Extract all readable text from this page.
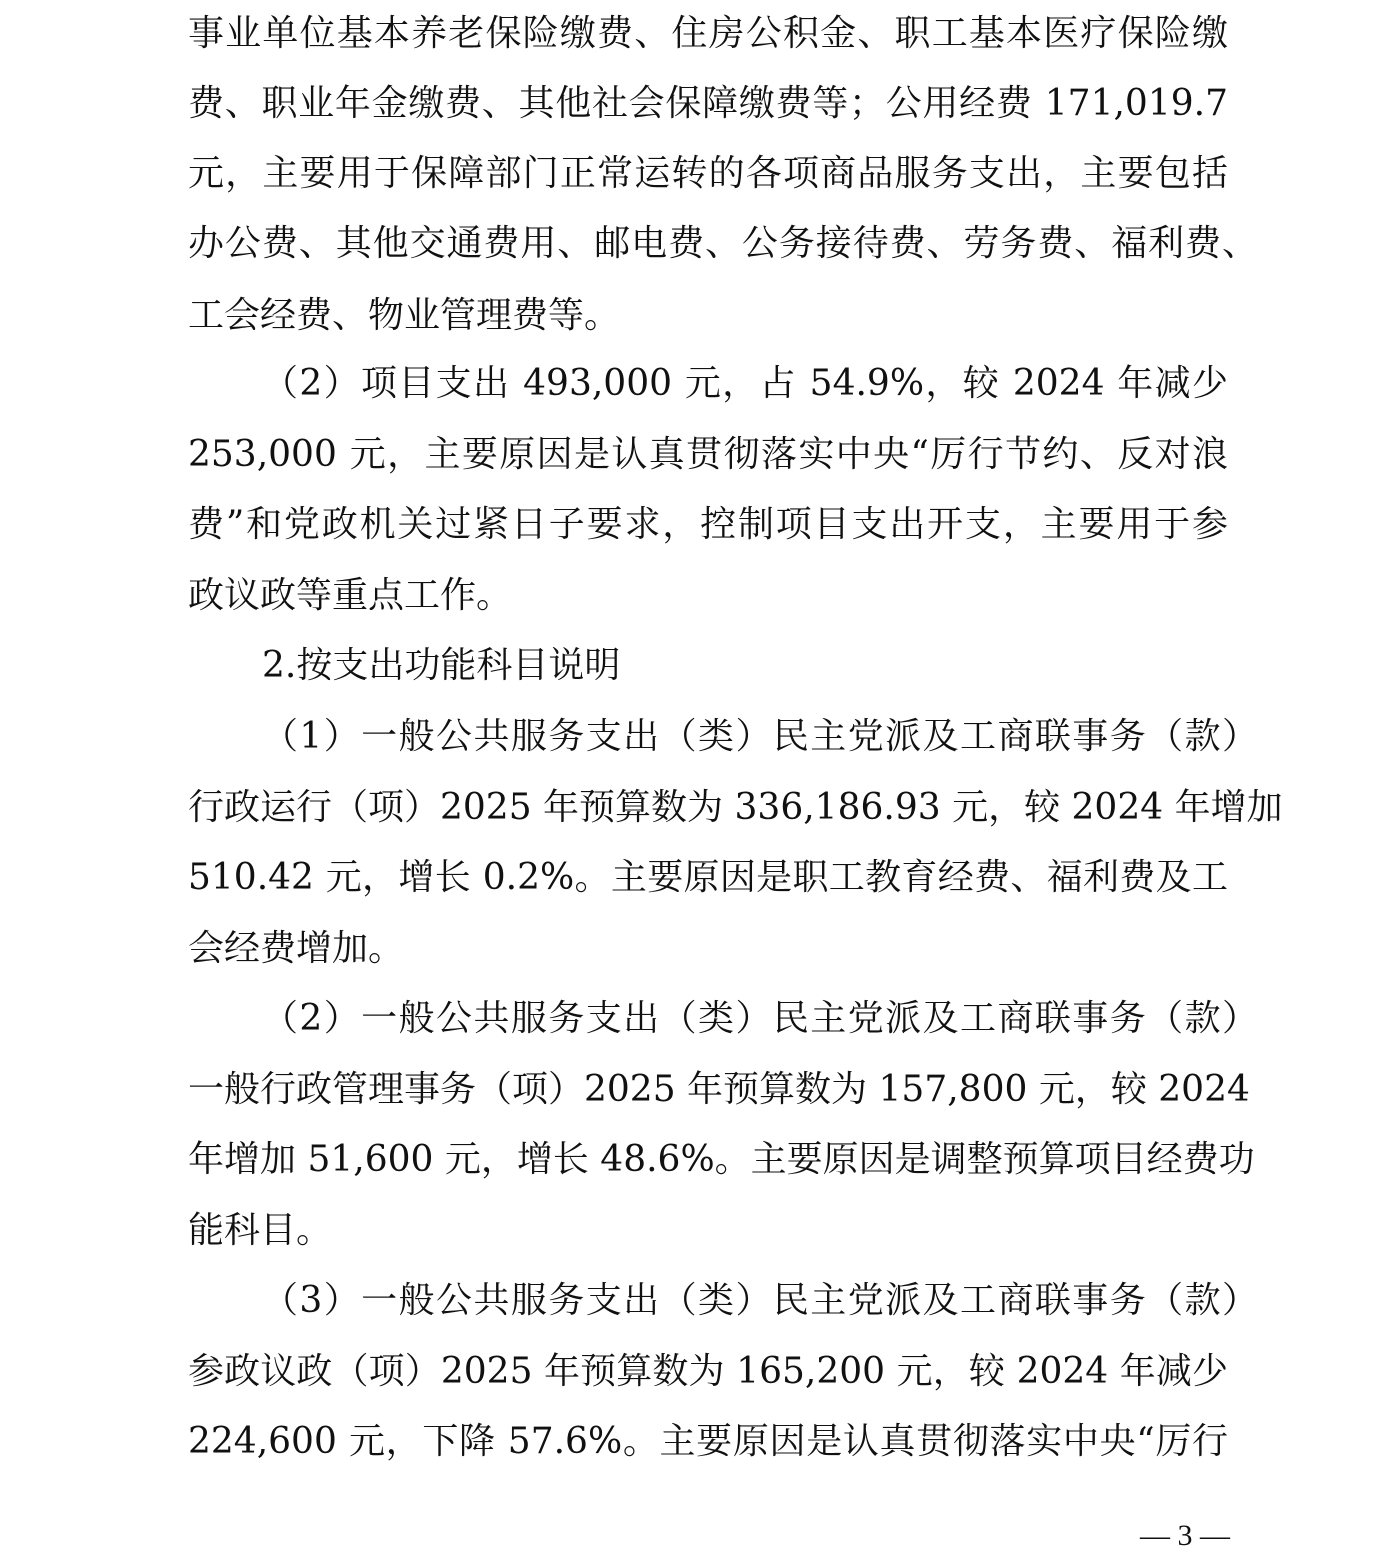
事业单位基本养老保险缴费、住房公积金、职工基本医疗保险缴
费、职业年金缴费、其他社会保障缴费等；公用经费 171,019.7
元，主要用于保障部门正常运转的各项商品服务支出，主要包括
办公费、其他交通费用、邮电费、公务接待费、劳务费、福利费、
工会经费、物业管理费等。
（2）项目支出 493,000 元，占 54.9%，较 2024 年减少
253,000 元，主要原因是认真贯彻落实中央“厉行节约、反对浪
费”和党政机关过紧日子要求，控制项目支出开支，主要用于参
政议政等重点工作。
2.按支出功能科目说明
（1）一般公共服务支出（类）民主党派及工商联事务（款）
行政运行（项）2025 年预算数为 336,186.93 元，较 2024 年增加
510.42 元，增长 0.2%。主要原因是职工教育经费、福利费及工
会经费增加。
（2）一般公共服务支出（类）民主党派及工商联事务（款）
一般行政管理事务（项）2025 年预算数为 157,800 元，较 2024
年增加 51,600 元，增长 48.6%。主要原因是调整预算项目经费功
能科目。
（3）一般公共服务支出（类）民主党派及工商联事务（款）
参政议政（项）2025 年预算数为 165,200 元，较 2024 年减少
224,600 元，下降 57.6%。主要原因是认真贯彻落实中央“厉行
— 3 —
